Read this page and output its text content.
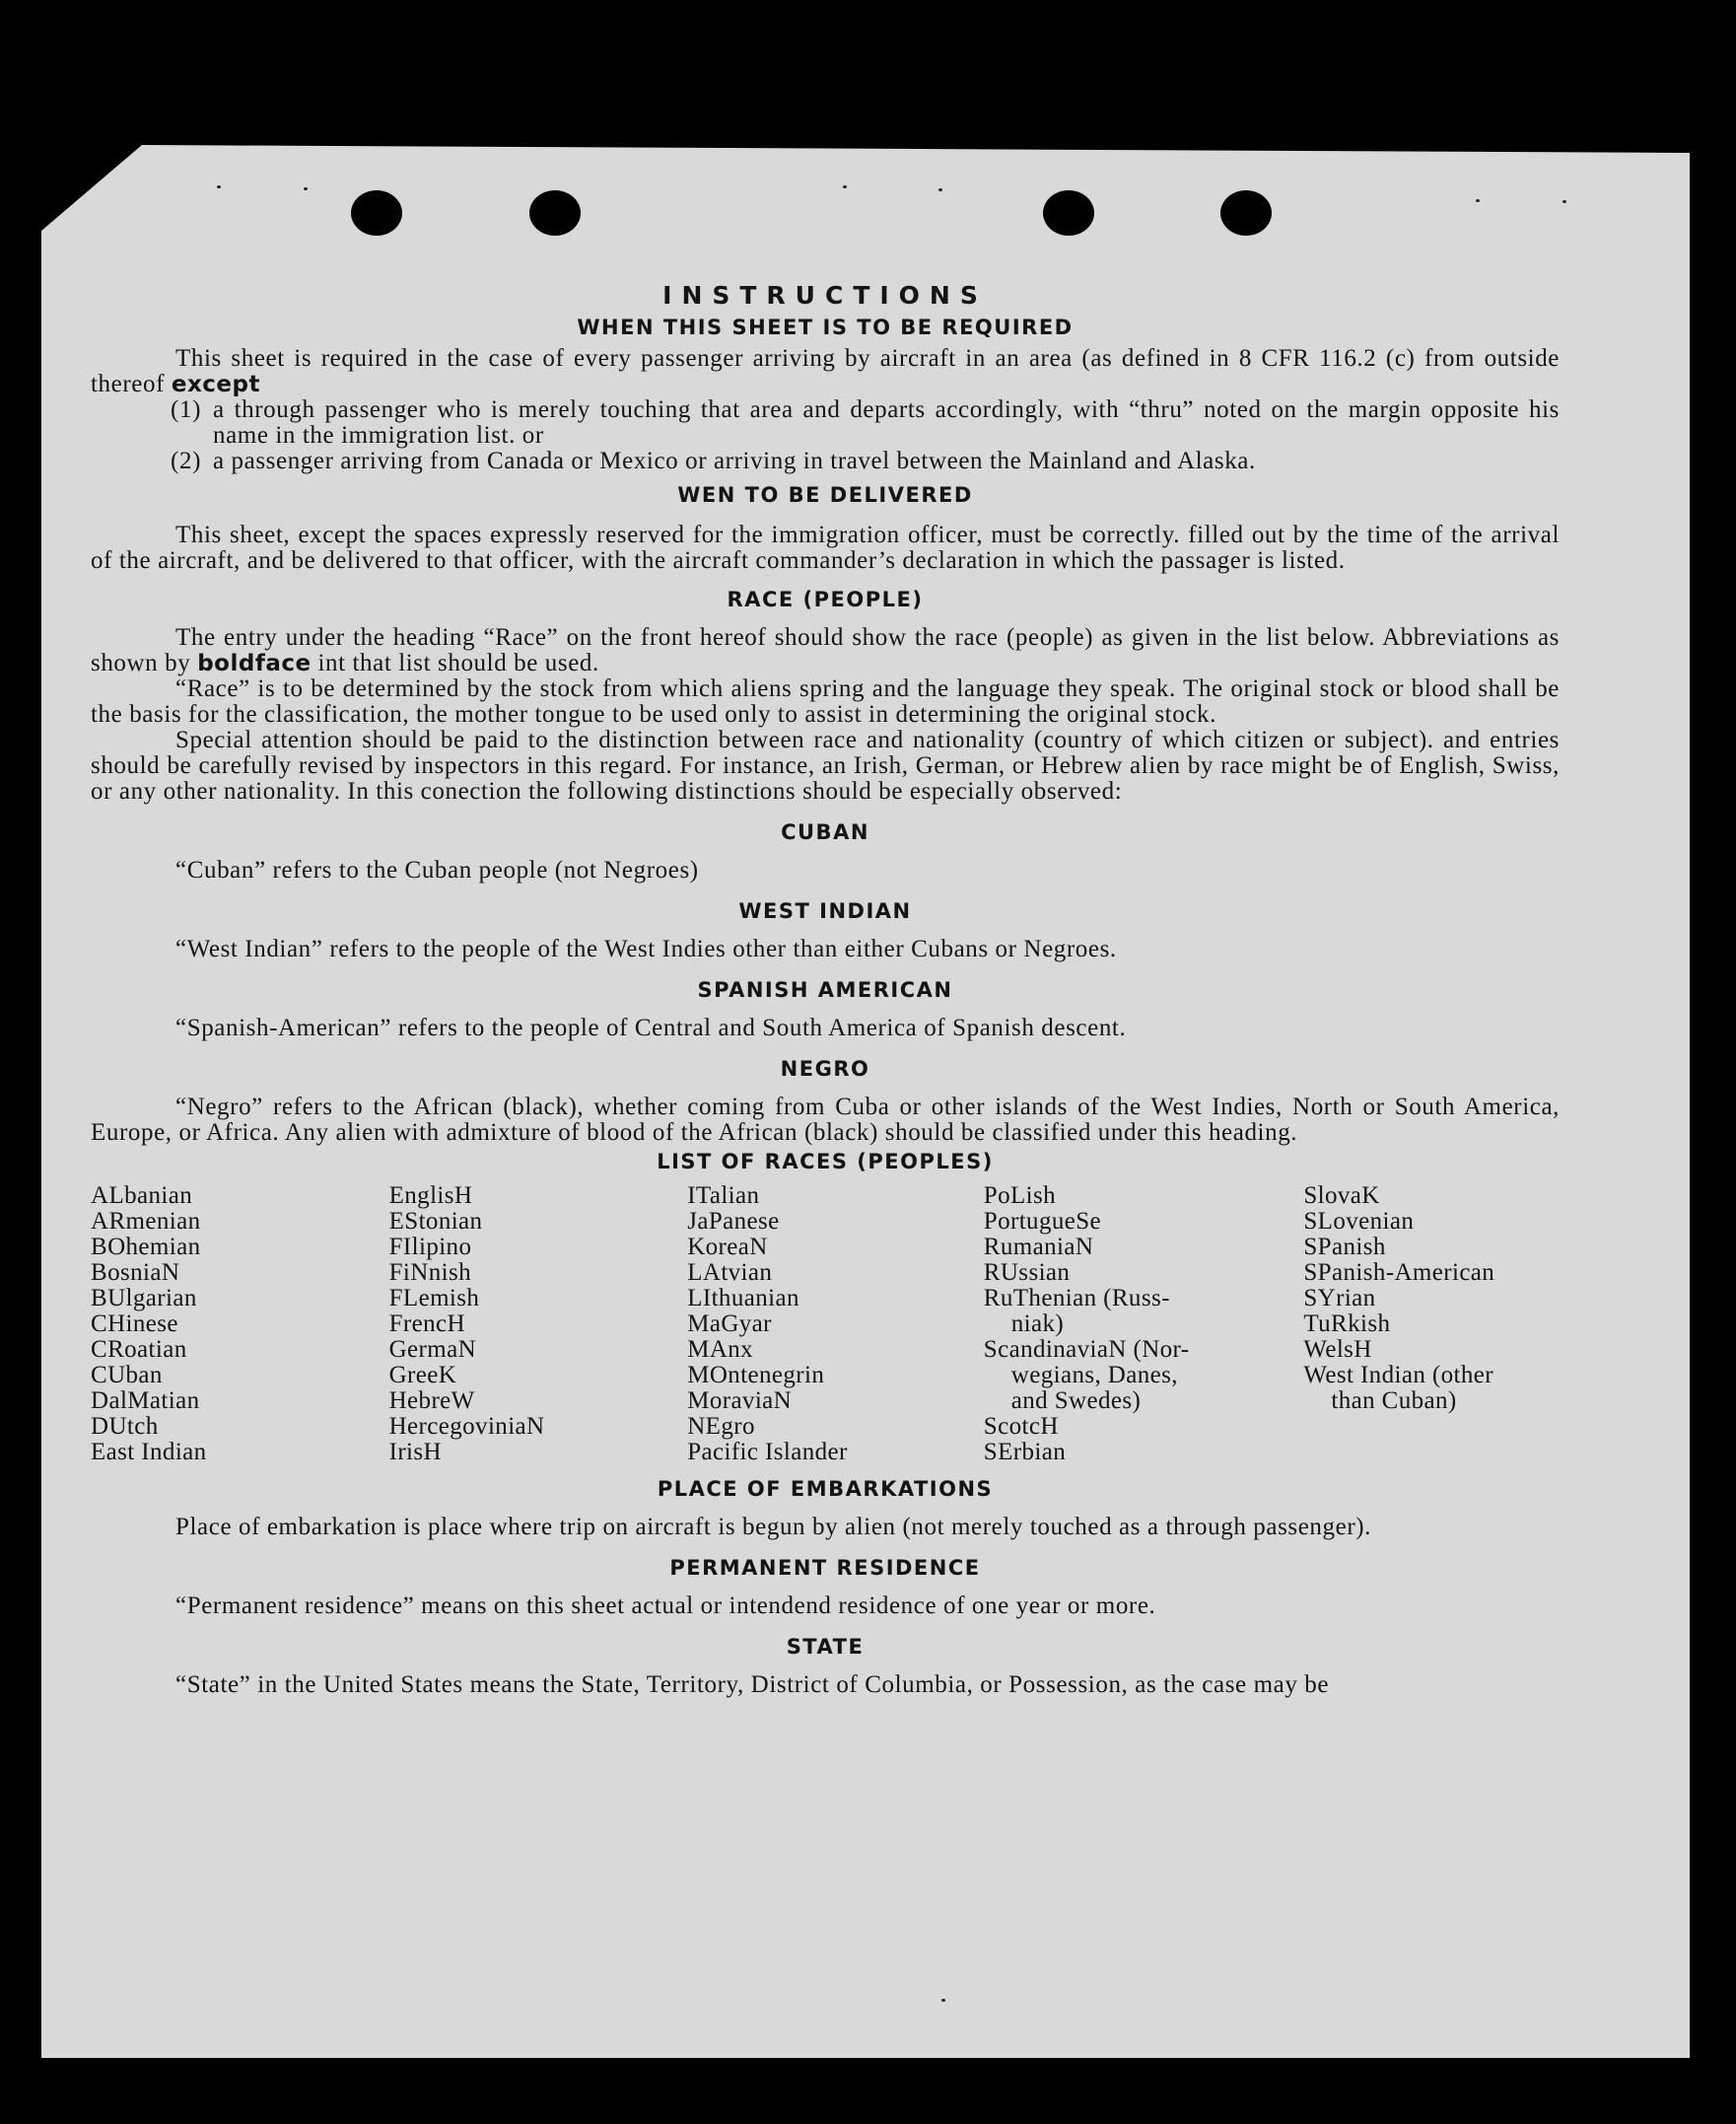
INSTRUCTIONS
WHEN THIS SHEET IS TO BE REQUIRED

This sheet is required in the case of every passenger arriving by aircraft in an area (as defined in 8 CFR 116.2 (c) from outside thereof except

(1) a through passenger who is merely touching that area and departs accordingly, with “thru” noted on the margin opposite his name in the immigration list. or
(2) a passenger arriving from Canada or Mexico or arriving in travel between the Mainland and Alaska.
WEN TO BE DELIVERED

This sheet, except the spaces expressly reserved for the immigration officer, must be correctly. filled out by the time of the arrival of the aircraft, and be delivered to that officer, with the aircraft commander’s declaration in which the passager is listed.

RACE (PEOPLE)

The entry under the heading “Race” on the front hereof should show the race (people) as given in the list below. Abbreviations as shown by boldface int that list should be used.

“Race” is to be determined by the stock from which aliens spring and the language they speak. The original stock or blood shall be the basis for the classification, the mother tongue to be used only to assist in determining the original stock.

Special attention should be paid to the distinction between race and nationality (country of which citizen or subject). and entries should be carefully revised by inspectors in this regard. For instance, an Irish, German, or Hebrew alien by race might be of English, Swiss, or any other nationality. In this conection the following distinctions should be especially observed:

CUBAN

“Cuban” refers to the Cuban people (not Negroes)

WEST INDIAN

“West Indian” refers to the people of the West Indies other than either Cubans or Negroes.

SPANISH AMERICAN

“Spanish-American” refers to the people of Central and South America of Spanish descent.

NEGRO

“Negro” refers to the African (black), whether coming from Cuba or other islands of the West Indies, North or South America, Europe, or Africa. Any alien with admixture of blood of the African (black) should be classified under this heading.

LIST OF RACES (PEOPLES)
ALbanian
ARmenian
BOhemian
BosniaN
BUlgarian
CHinese
CRoatian
CUban
DalMatian
DUtch
East Indian
EnglisH
EStonian
FIlipino
FiNnish
FLemish
FrencH
GermaN
GreeK
HebreW
HercegoviniaN
IrisH
ITalian
JaPanese
KoreaN
LAtvian
LIthuanian
MaGyar
MAnx
MOntenegrin
MoraviaN
NEgro
Pacific Islander
PoLish
PortugueSe
RumaniaN
RUssian
RuThenian (Russ-
niak)
ScandinaviaN (Nor-
wegians, Danes,
and Swedes)
ScotcH
SErbian
SlovaK
SLovenian
SPanish
SPanish-American
SYrian
TuRkish
WelsH
West Indian (other
than Cuban)
PLACE OF EMBARKATIONS

Place of embarkation is place where trip on aircraft is begun by alien (not merely touched as a through passenger).

PERMANENT RESIDENCE

“Permanent residence” means on this sheet actual or intendend residence of one year or more.

STATE

“State” in the United States means the State, Territory, District of Columbia, or Possession, as the case may be
